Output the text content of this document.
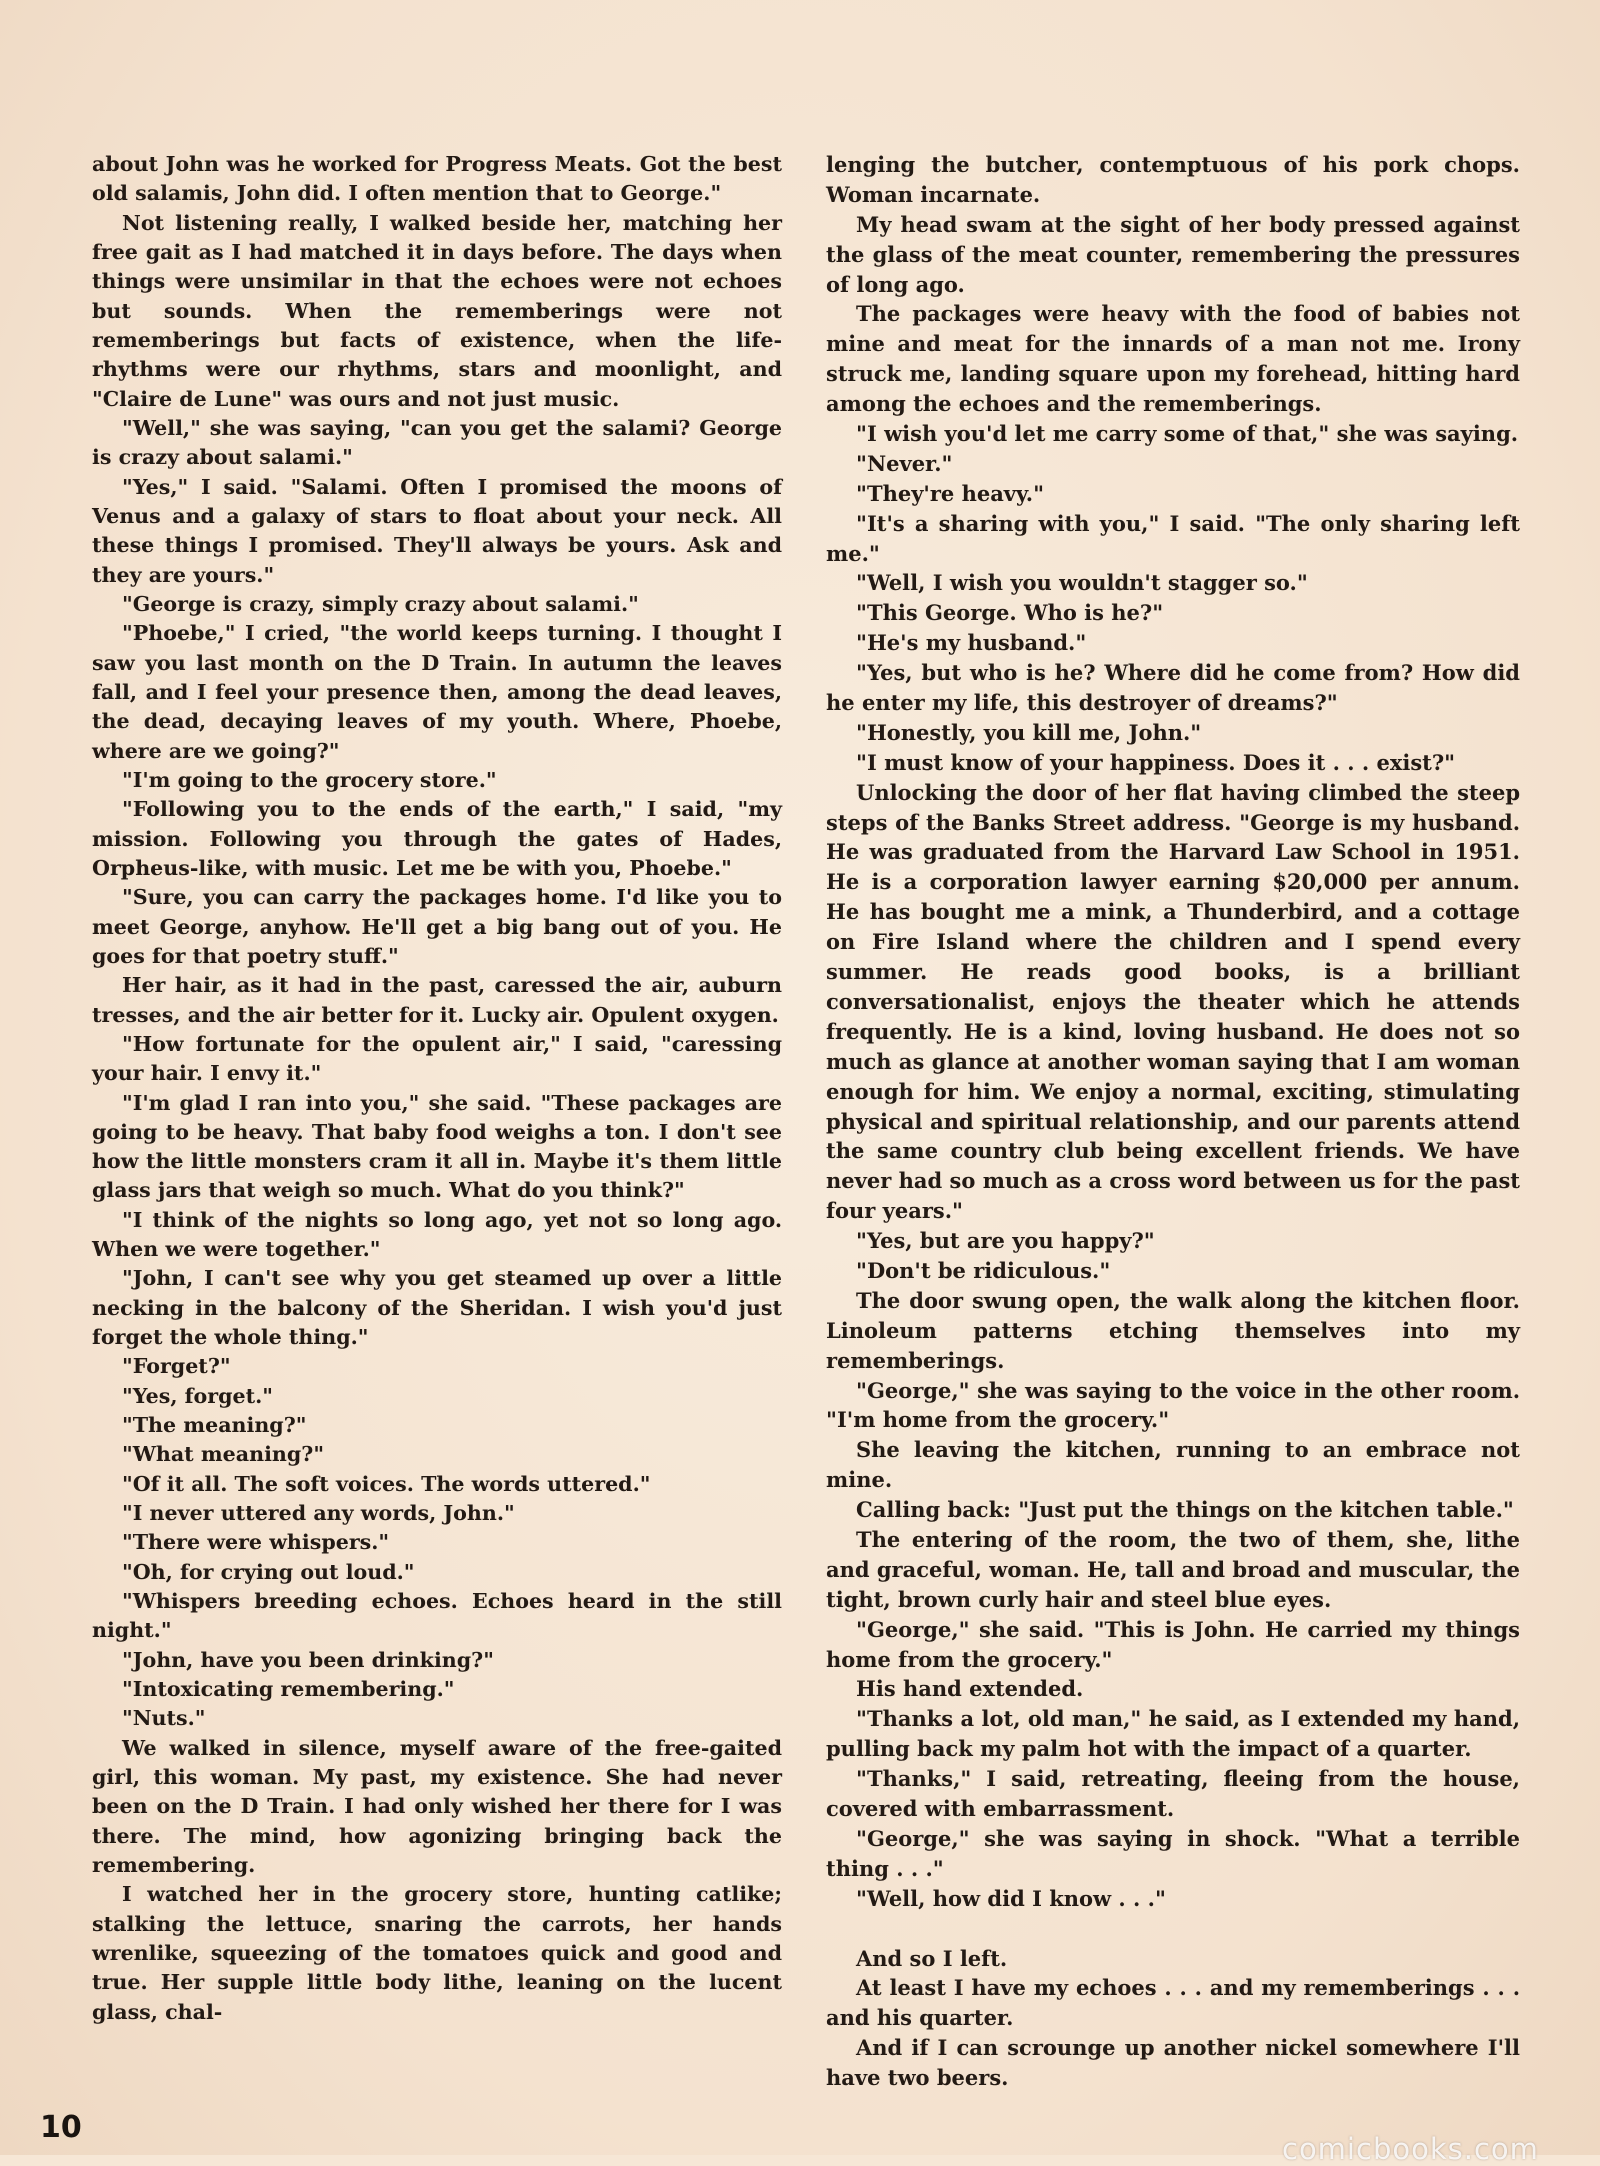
about John was he worked for Progress Meats. Got the best old salamis, John did. I often mention that to George."

Not listening really, I walked beside her, matching her free gait as I had matched it in days before. The days when things were unsimilar in that the echoes were not echoes but sounds. When the rememberings were not rememberings but facts of existence, when the life-rhythms were our rhythms, stars and moonlight, and "Claire de Lune" was ours and not just music.

"Well," she was saying, "can you get the salami? George is crazy about salami."

"Yes," I said. "Salami. Often I promised the moons of Venus and a galaxy of stars to float about your neck. All these things I promised. They'll always be yours. Ask and they are yours."

"George is crazy, simply crazy about salami."

"Phoebe," I cried, "the world keeps turning. I thought I saw you last month on the D Train. In autumn the leaves fall, and I feel your presence then, among the dead leaves, the dead, decaying leaves of my youth. Where, Phoebe, where are we going?"

"I'm going to the grocery store."

"Following you to the ends of the earth," I said, "my mission. Following you through the gates of Hades, Orpheus-like, with music. Let me be with you, Phoebe."

"Sure, you can carry the packages home. I'd like you to meet George, anyhow. He'll get a big bang out of you. He goes for that poetry stuff."

Her hair, as it had in the past, caressed the air, auburn tresses, and the air better for it. Lucky air. Opulent oxygen.

"How fortunate for the opulent air," I said, "caressing your hair. I envy it."

"I'm glad I ran into you," she said. "These packages are going to be heavy. That baby food weighs a ton. I don't see how the little monsters cram it all in. Maybe it's them little glass jars that weigh so much. What do you think?"

"I think of the nights so long ago, yet not so long ago. When we were together."

"John, I can't see why you get steamed up over a little necking in the balcony of the Sheridan. I wish you'd just forget the whole thing."

"Forget?"

"Yes, forget."

"The meaning?"

"What meaning?"

"Of it all. The soft voices. The words uttered."

"I never uttered any words, John."

"There were whispers."

"Oh, for crying out loud."

"Whispers breeding echoes. Echoes heard in the still night."

"John, have you been drinking?"

"Intoxicating remembering."

"Nuts."

We walked in silence, myself aware of the free-gaited girl, this woman. My past, my existence. She had never been on the D Train. I had only wished her there for I was there. The mind, how agonizing bringing back the remembering.

I watched her in the grocery store, hunting catlike; stalking the lettuce, snaring the carrots, her hands wrenlike, squeezing of the tomatoes quick and good and true. Her supple little body lithe, leaning on the lucent glass, chal-

lenging the butcher, contemptuous of his pork chops. Woman incarnate.

My head swam at the sight of her body pressed against the glass of the meat counter, remembering the pressures of long ago.

The packages were heavy with the food of babies not mine and meat for the innards of a man not me. Irony struck me, landing square upon my forehead, hitting hard among the echoes and the rememberings.

"I wish you'd let me carry some of that," she was saying.

"Never."

"They're heavy."

"It's a sharing with you," I said. "The only sharing left me."

"Well, I wish you wouldn't stagger so."

"This George. Who is he?"

"He's my husband."

"Yes, but who is he? Where did he come from? How did he enter my life, this destroyer of dreams?"

"Honestly, you kill me, John."

"I must know of your happiness. Does it . . . exist?"

Unlocking the door of her flat having climbed the steep steps of the Banks Street address. "George is my husband. He was graduated from the Harvard Law School in 1951. He is a corporation lawyer earning $20,000 per annum. He has bought me a mink, a Thunderbird, and a cottage on Fire Island where the children and I spend every summer. He reads good books, is a brilliant conversationalist, enjoys the theater which he attends frequently. He is a kind, loving husband. He does not so much as glance at another woman saying that I am woman enough for him. We enjoy a normal, exciting, stimulating physical and spiritual relationship, and our parents attend the same country club being excellent friends. We have never had so much as a cross word between us for the past four years."

"Yes, but are you happy?"

"Don't be ridiculous."

The door swung open, the walk along the kitchen floor. Linoleum patterns etching themselves into my rememberings.

"George," she was saying to the voice in the other room. "I'm home from the grocery."

She leaving the kitchen, running to an embrace not mine.

Calling back: "Just put the things on the kitchen table."

The entering of the room, the two of them, she, lithe and graceful, woman. He, tall and broad and muscular, the tight, brown curly hair and steel blue eyes.

"George," she said. "This is John. He carried my things home from the grocery."

His hand extended.

"Thanks a lot, old man," he said, as I extended my hand, pulling back my palm hot with the impact of a quarter.

"Thanks," I said, retreating, fleeing from the house, covered with embarrassment.

"George," she was saying in shock. "What a terrible thing . . ."

"Well, how did I know . . ."

And so I left.

At least I have my echoes . . . and my rememberings . . . and his quarter.

And if I can scrounge up another nickel somewhere I'll have two beers.

10
comicbooks.com
